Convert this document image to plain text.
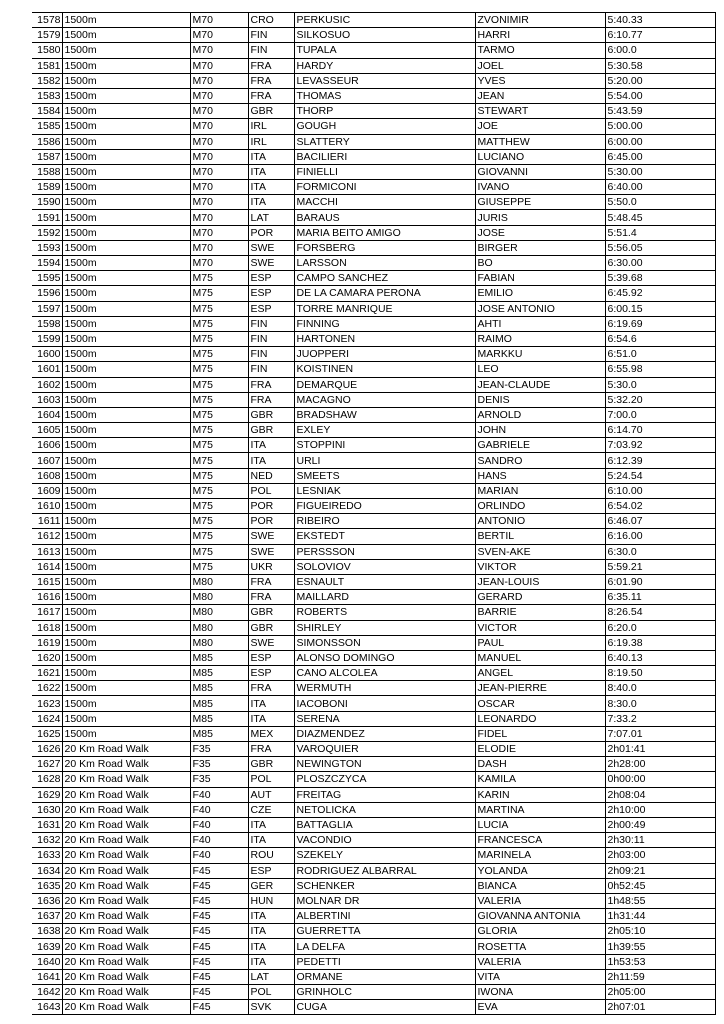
1578	1500m	M70	CRO	PERKUSIC	ZVONIMIR	5:40.33
1579	1500m	M70	FIN	SILKOSUO	HARRI	6:10.77
1580	1500m	M70	FIN	TUPALA	TARMO	6:00.0
1581	1500m	M70	FRA	HARDY	JOEL	5:30.58
1582	1500m	M70	FRA	LEVASSEUR	YVES	5:20.00
1583	1500m	M70	FRA	THOMAS	JEAN	5:54.00
1584	1500m	M70	GBR	THORP	STEWART	5:43.59
1585	1500m	M70	IRL	GOUGH	JOE	5:00.00
1586	1500m	M70	IRL	SLATTERY	MATTHEW	6:00.00
1587	1500m	M70	ITA	BACILIERI	LUCIANO	6:45.00
1588	1500m	M70	ITA	FINIELLI	GIOVANNI	5:30.00
1589	1500m	M70	ITA	FORMICONI	IVANO	6:40.00
1590	1500m	M70	ITA	MACCHI	GIUSEPPE	5:50.0
1591	1500m	M70	LAT	BARAUS	JURIS	5:48.45
1592	1500m	M70	POR	MARIA BEITO AMIGO	JOSE	5:51.4
1593	1500m	M70	SWE	FORSBERG	BIRGER	5:56.05
1594	1500m	M70	SWE	LARSSON	BO	6:30.00
1595	1500m	M75	ESP	CAMPO SANCHEZ	FABIAN	5:39.68
1596	1500m	M75	ESP	DE LA CAMARA PERONA	EMILIO	6:45.92
1597	1500m	M75	ESP	TORRE MANRIQUE	JOSE ANTONIO	6:00.15
1598	1500m	M75	FIN	FINNING	AHTI	6:19.69
1599	1500m	M75	FIN	HARTONEN	RAIMO	6:54.6
1600	1500m	M75	FIN	JUOPPERI	MARKKU	6:51.0
1601	1500m	M75	FIN	KOISTINEN	LEO	6:55.98
1602	1500m	M75	FRA	DEMARQUE	JEAN-CLAUDE	5:30.0
1603	1500m	M75	FRA	MACAGNO	DENIS	5:32.20
1604	1500m	M75	GBR	BRADSHAW	ARNOLD	7:00.0
1605	1500m	M75	GBR	EXLEY	JOHN	6:14.70
1606	1500m	M75	ITA	STOPPINI	GABRIELE	7:03.92
1607	1500m	M75	ITA	URLI	SANDRO	6:12.39
1608	1500m	M75	NED	SMEETS	HANS	5:24.54
1609	1500m	M75	POL	LESNIAK	MARIAN	6:10.00
1610	1500m	M75	POR	FIGUEIREDO	ORLINDO	6:54.02
1611	1500m	M75	POR	RIBEIRO	ANTONIO	6:46.07
1612	1500m	M75	SWE	EKSTEDT	BERTIL	6:16.00
1613	1500m	M75	SWE	PERSSSON	SVEN-AKE	6:30.0
1614	1500m	M75	UKR	SOLOVIOV	VIKTOR	5:59.21
1615	1500m	M80	FRA	ESNAULT	JEAN-LOUIS	6:01.90
1616	1500m	M80	FRA	MAILLARD	GERARD	6:35.11
1617	1500m	M80	GBR	ROBERTS	BARRIE	8:26.54
1618	1500m	M80	GBR	SHIRLEY	VICTOR	6:20.0
1619	1500m	M80	SWE	SIMONSSON	PAUL	6:19.38
1620	1500m	M85	ESP	ALONSO DOMINGO	MANUEL	6:40.13
1621	1500m	M85	ESP	CANO ALCOLEA	ANGEL	8:19.50
1622	1500m	M85	FRA	WERMUTH	JEAN-PIERRE	8:40.0
1623	1500m	M85	ITA	IACOBONI	OSCAR	8:30.0
1624	1500m	M85	ITA	SERENA	LEONARDO	7:33.2
1625	1500m	M85	MEX	DIAZMENDEZ	FIDEL	7:07.01
1626	20 Km Road Walk	F35	FRA	VAROQUIER	ELODIE	2h01:41
1627	20 Km Road Walk	F35	GBR	NEWINGTON	DASH	2h28:00
1628	20 Km Road Walk	F35	POL	PLOSZCZYCA	KAMILA	0h00:00
1629	20 Km Road Walk	F40	AUT	FREITAG	KARIN	2h08:04
1630	20 Km Road Walk	F40	CZE	NETOLICKA	MARTINA	2h10:00
1631	20 Km Road Walk	F40	ITA	BATTAGLIA	LUCIA	2h00:49
1632	20 Km Road Walk	F40	ITA	VACONDIO	FRANCESCA	2h30:11
1633	20 Km Road Walk	F40	ROU	SZEKELY	MARINELA	2h03:00
1634	20 Km Road Walk	F45	ESP	RODRIGUEZ ALBARRAL	YOLANDA	2h09:21
1635	20 Km Road Walk	F45	GER	SCHENKER	BIANCA	0h52:45
1636	20 Km Road Walk	F45	HUN	MOLNAR DR	VALERIA	1h48:55
1637	20 Km Road Walk	F45	ITA	ALBERTINI	GIOVANNA ANTONIA	1h31:44
1638	20 Km Road Walk	F45	ITA	GUERRETTA	GLORIA	2h05:10
1639	20 Km Road Walk	F45	ITA	LA DELFA	ROSETTA	1h39:55
1640	20 Km Road Walk	F45	ITA	PEDETTI	VALERIA	1h53:53
1641	20 Km Road Walk	F45	LAT	ORMANE	VITA	2h11:59
1642	20 Km Road Walk	F45	POL	GRINHOLC	IWONA	2h05:00
1643	20 Km Road Walk	F45	SVK	CUGA	EVA	2h07:01
